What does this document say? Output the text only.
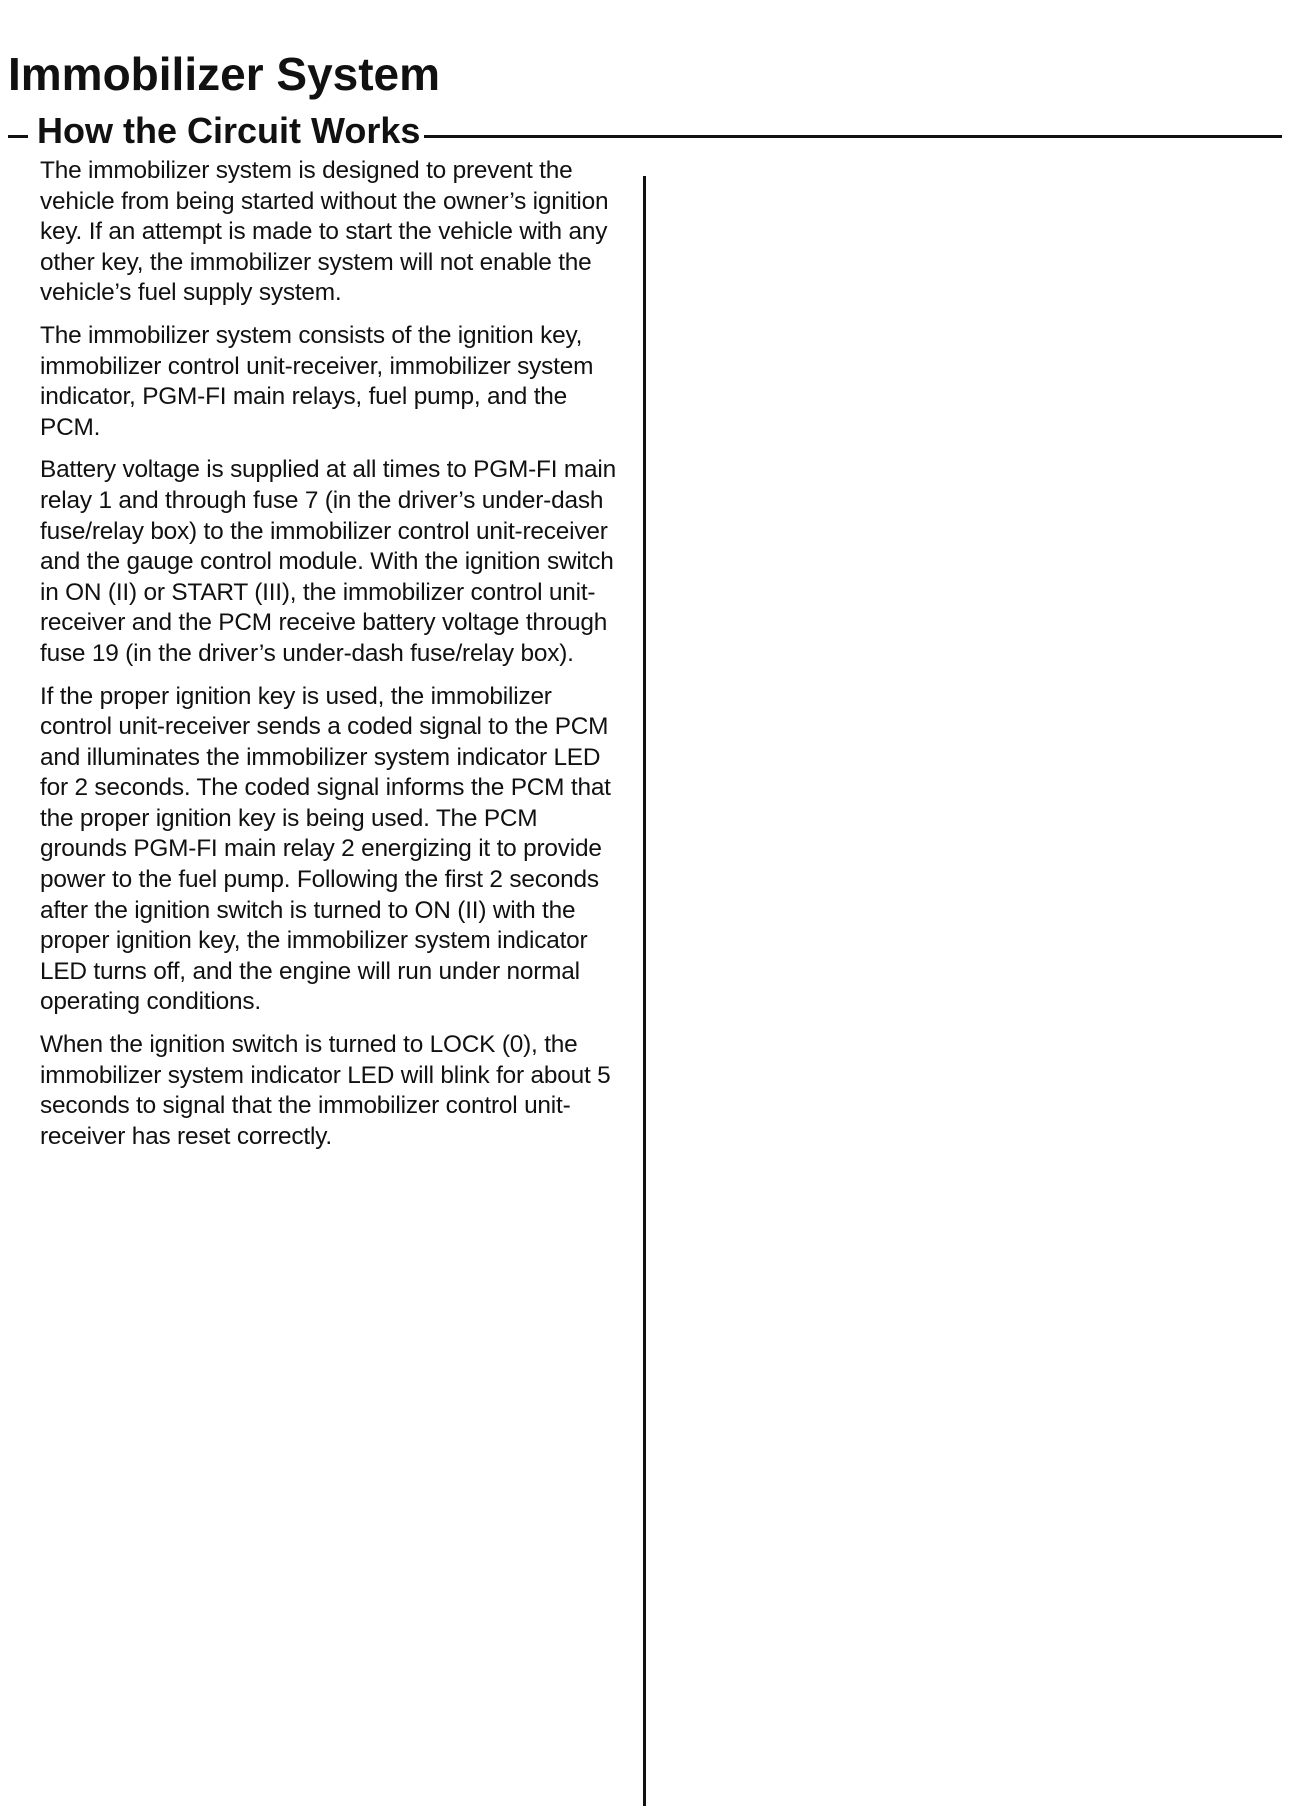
Immobilizer System
How the Circuit Works

The immobilizer system is designed to prevent the vehicle from being started without the owner’s ignition key. If an attempt is made to start the vehicle with any other key, the immobilizer system will not enable the vehicle’s fuel supply system.

The immobilizer system consists of the ignition key, immobilizer control unit-receiver, immobilizer system indicator, PGM-FI main relays, fuel pump, and the PCM.

Battery voltage is supplied at all times to PGM-FI main relay 1 and through fuse 7 (in the driver’s under-dash fuse/relay box) to the immobilizer control unit-receiver and the gauge control module. With the ignition switch in ON (II) or START (III), the immobilizer control unit-receiver and the PCM receive battery voltage through fuse 19 (in the driver’s under-dash fuse/relay box).

If the proper ignition key is used, the immobilizer control unit-receiver sends a coded signal to the PCM and illuminates the immobilizer system indicator LED for 2 seconds. The coded signal informs the PCM that the proper ignition key is being used. The PCM grounds PGM-FI main relay 2 energizing it to provide power to the fuel pump. Following the first 2 seconds after the ignition switch is turned to ON (II) with the proper ignition key, the immobilizer system indicator LED turns off, and the engine will run under normal operating conditions.

When the ignition switch is turned to LOCK (0), the immobilizer system indicator LED will blink for about 5 seconds to signal that the immobilizer control unit-receiver has reset correctly.
